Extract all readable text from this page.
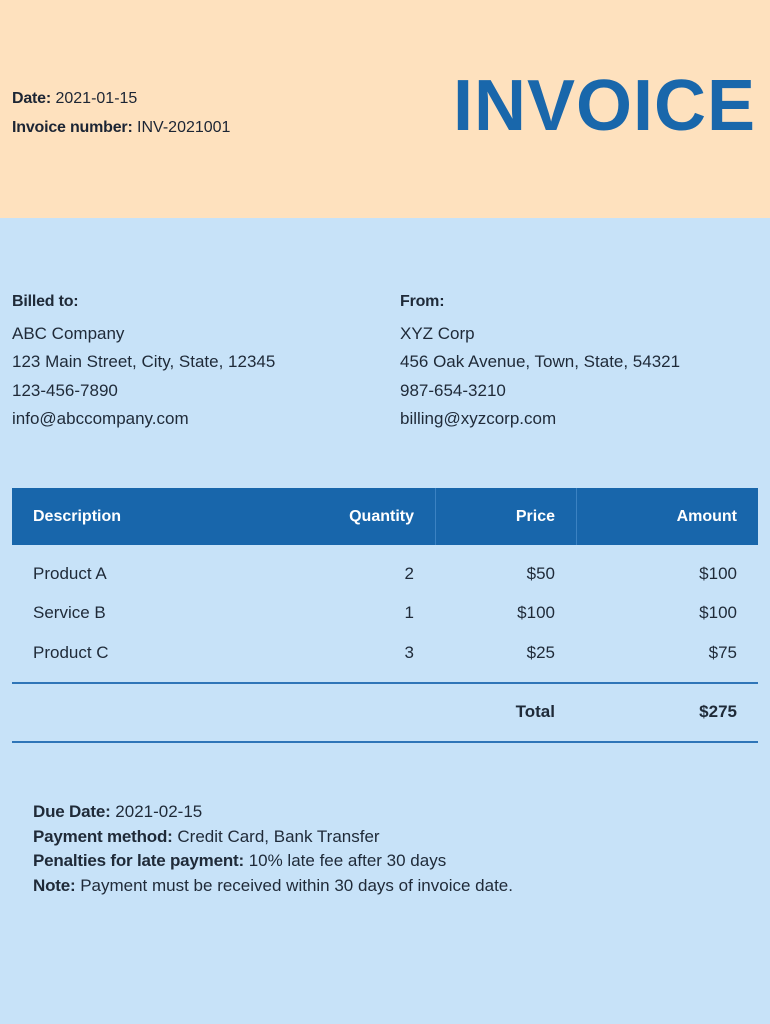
Date: 2021-01-15
Invoice number: INV-2021001	INVOICE
Billed to:
ABC Company
123 Main Street, City, State, 12345
123-456-7890
info@abccompany.com
From:
XYZ Corp
456 Oak Avenue, Town, State, 54321
987-654-3210
billing@xyzcorp.com
Description	Quantity	Price	Amount
Product A	2	$50	$100
Service B	1	$100	$100
Product C	3	$25	$75
Total	$275
Due Date: 2021-02-15
Payment method: Credit Card, Bank Transfer
Penalties for late payment: 10% late fee after 30 days
Note: Payment must be received within 30 days of invoice date.
